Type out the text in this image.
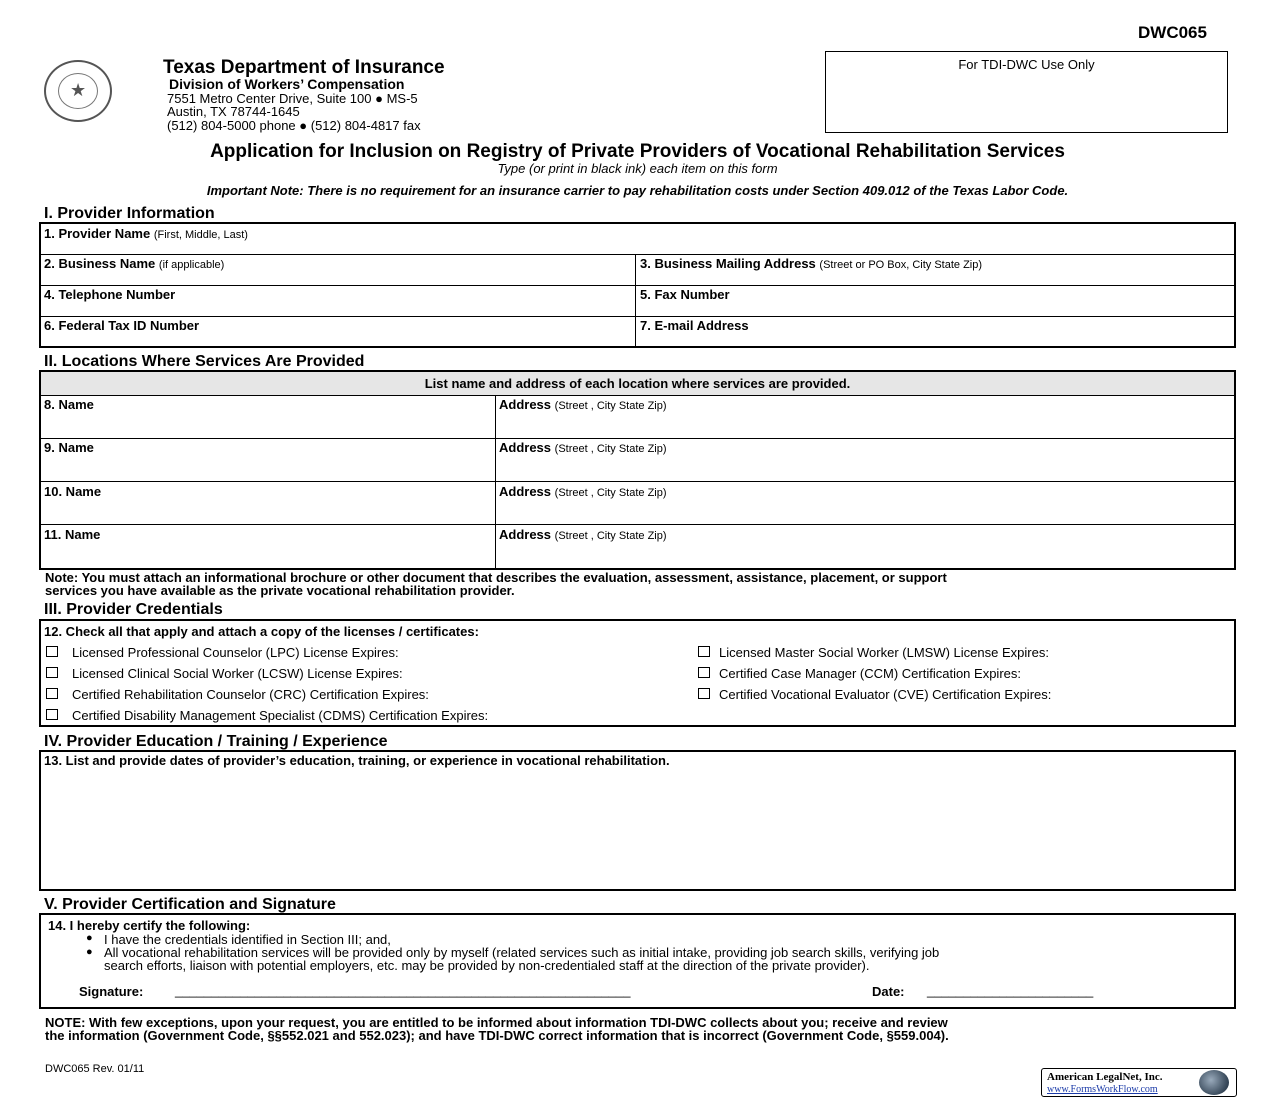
DWC065
★
Texas Department of Insurance
Division of Workers’ Compensation
7551 Metro Center Drive, Suite 100 ● MS-5
Austin, TX 78744-1645
(512) 804-5000 phone ● (512) 804-4817 fax
For TDI-DWC Use Only
Application for Inclusion on Registry of Private Providers of Vocational Rehabilitation Services
Type (or print in black ink) each item on this form
Important Note: There is no requirement for an insurance carrier to pay rehabilitation costs under Section 409.012 of the Texas Labor Code.
I. Provider Information
1. Provider Name (First, Middle, Last)
2. Business Name (if applicable)	3. Business Mailing Address (Street or PO Box, City State Zip)
4. Telephone Number	5. Fax Number
6. Federal Tax ID Number	7. E-mail Address
II. Locations Where Services Are Provided
List name and address of each location where services are provided.
8. Name	Address (Street , City State Zip)
9. Name	Address (Street , City State Zip)
10. Name	Address (Street , City State Zip)
11. Name	Address (Street , City State Zip)
Note: You must attach an informational brochure or other document that describes the evaluation, assessment, assistance, placement, or support
services you have available as the private vocational rehabilitation provider.
III. Provider Credentials
12. Check all that apply and attach a copy of the licenses / certificates:
Licensed Professional Counselor (LPC) License Expires:
Licensed Clinical Social Worker (LCSW) License Expires:
Certified Rehabilitation Counselor (CRC) Certification Expires:
Certified Disability Management Specialist (CDMS) Certification Expires:
Licensed Master Social Worker (LMSW) License Expires:
Certified Case Manager (CCM) Certification Expires:
Certified Vocational Evaluator (CVE) Certification Expires:
IV. Provider Education / Training / Experience
13. List and provide dates of provider’s education, training, or experience in vocational rehabilitation.
V. Provider Certification and Signature
14. I hereby certify the following:
● I have the credentials identified in Section III; and,
● All vocational rehabilitation services will be provided only by myself (related services such as initial intake, providing job search skills, verifying job
search efforts, liaison with potential employers, etc. may be provided by non-credentialed staff at the direction of the private provider).
Signature: _______________________________________________________________	Date: _______________________
NOTE: With few exceptions, upon your request, you are entitled to be informed about information TDI-DWC collects about you; receive and review
the information (Government Code, §§552.021 and 552.023); and have TDI-DWC correct information that is incorrect (Government Code, §559.004).
DWC065 Rev. 01/11
American LegalNet, Inc.
www.FormsWorkFlow.com
